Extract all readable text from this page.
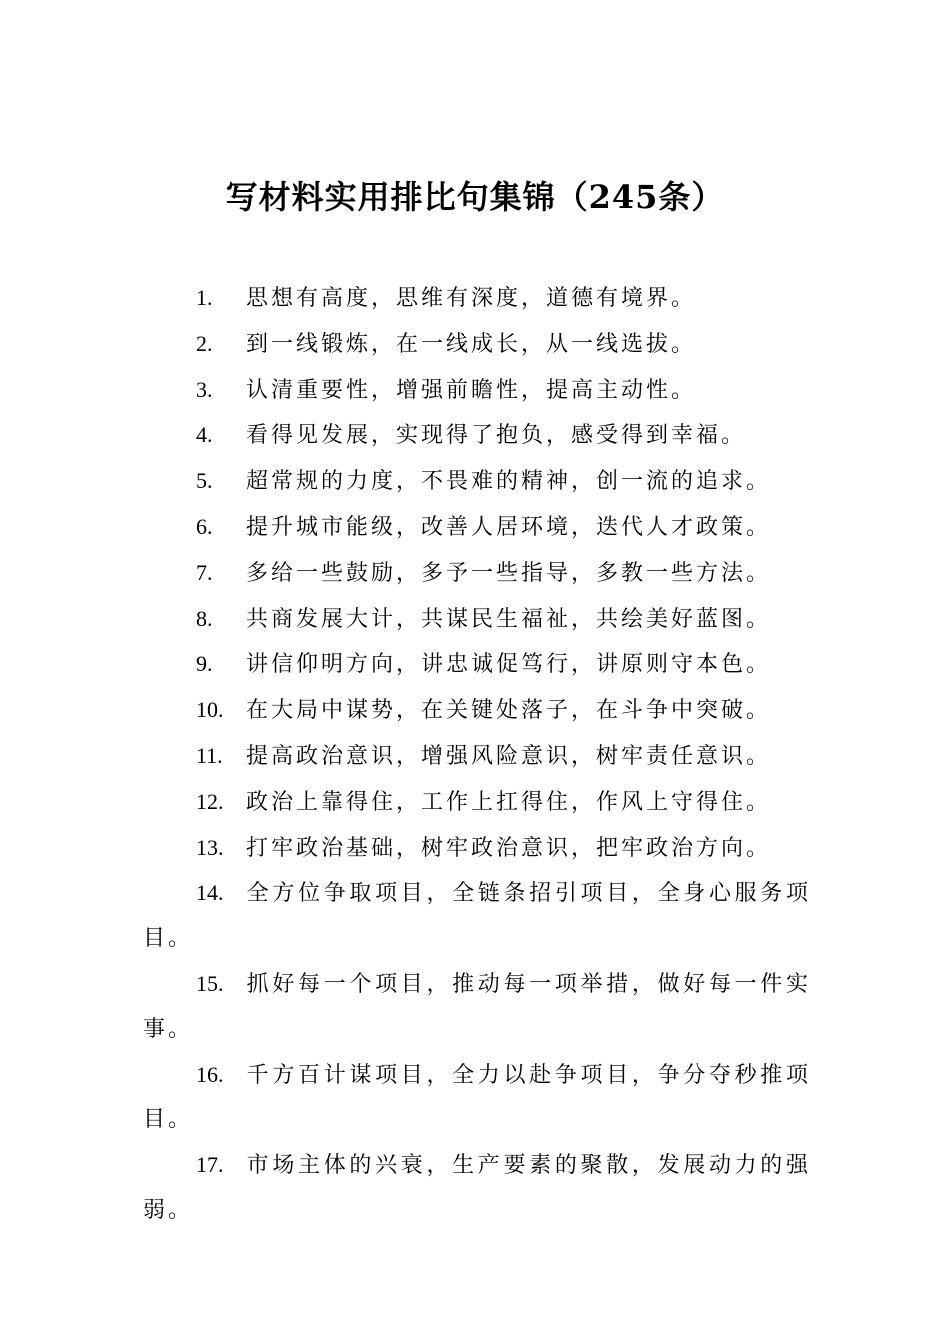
写材料实用排比句集锦（245条）
1. 思想有高度，思维有深度，道德有境界。
2. 到一线锻炼，在一线成长，从一线选拔。
3. 认清重要性，增强前瞻性，提高主动性。
4. 看得见发展，实现得了抱负，感受得到幸福。
5. 超常规的力度，不畏难的精神，创一流的追求。
6. 提升城市能级，改善人居环境，迭代人才政策。
7. 多给一些鼓励，多予一些指导，多教一些方法。
8. 共商发展大计，共谋民生福祉，共绘美好蓝图。
9. 讲信仰明方向，讲忠诚促笃行，讲原则守本色。
10. 在大局中谋势，在关键处落子，在斗争中突破。
11. 提高政治意识，增强风险意识，树牢责任意识。
12. 政治上靠得住，工作上扛得住，作风上守得住。
13. 打牢政治基础，树牢政治意识，把牢政治方向。
14. 全方位争取项目，全链条招引项目，全身心服务项目。
15. 抓好每一个项目，推动每一项举措，做好每一件实事。
16. 千方百计谋项目，全力以赴争项目，争分夺秒推项目。
17. 市场主体的兴衰，生产要素的聚散，发展动力的强弱。
